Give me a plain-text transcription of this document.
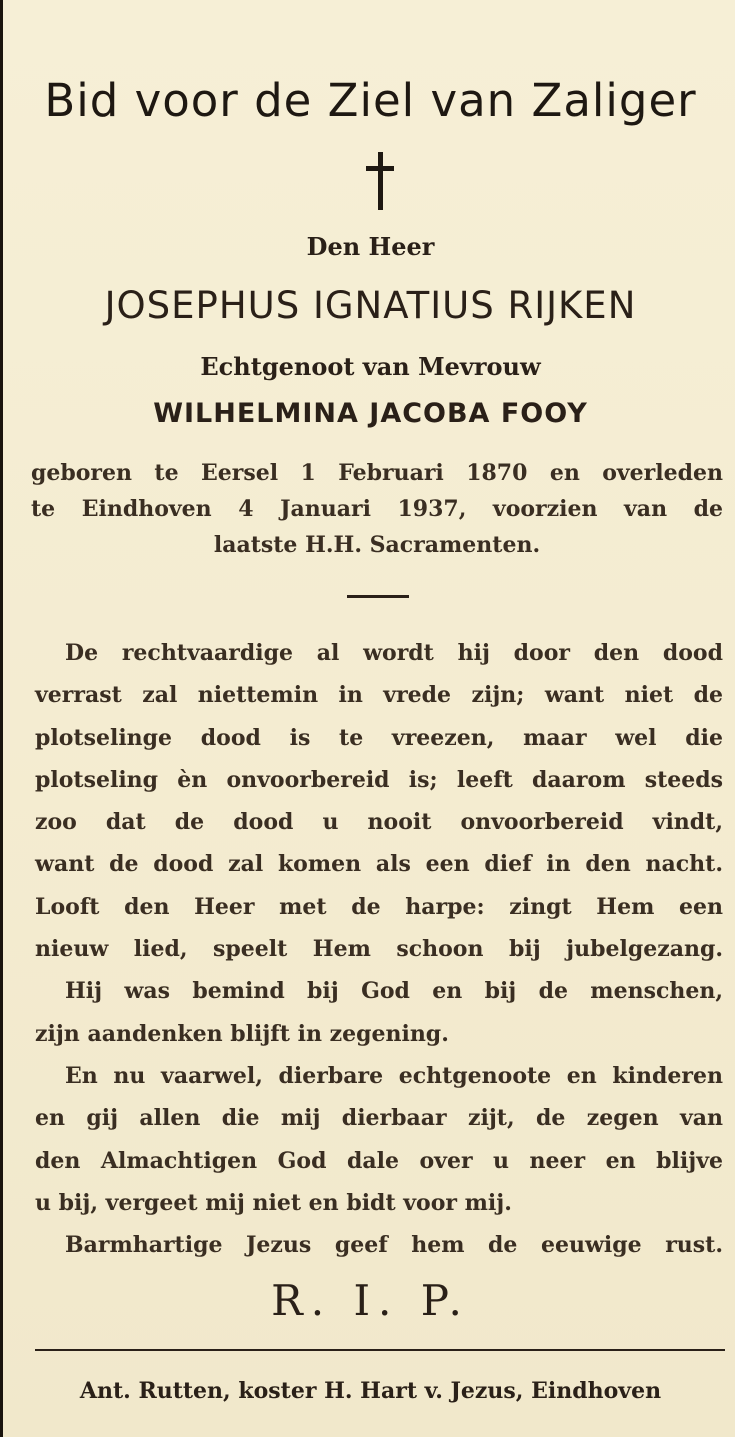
Bid voor de Ziel van Zaliger
Den Heer
JOSEPHUS IGNATIUS RIJKEN
Echtgenoot van Mevrouw
WILHELMINA JACOBA FOOY
geboren te Eersel 1 Februari 1870 en overleden
te Eindhoven 4 Januari 1937, voorzien van de
laatste H.H. Sacramenten.
De rechtvaardige al wordt hij door den dood
verrast zal niettemin in vrede zijn; want niet de
plotselinge dood is te vreezen, maar wel die
plotseling èn onvoorbereid is; leeft daarom steeds
zoo dat de dood u nooit onvoorbereid vindt,
want de dood zal komen als een dief in den nacht.
Looft den Heer met de harpe: zingt Hem een
nieuw lied, speelt Hem schoon bij jubelgezang.
Hij was bemind bij God en bij de menschen,
zijn aandenken blijft in zegening.
En nu vaarwel, dierbare echtgenoote en kinderen
en gij allen die mij dierbaar zijt, de zegen van
den Almachtigen God dale over u neer en blijve
u bij, vergeet mij niet en bidt voor mij.
Barmhartige Jezus geef hem de eeuwige rust.
R. I. P.
Ant. Rutten, koster H. Hart v. Jezus, Eindhoven
